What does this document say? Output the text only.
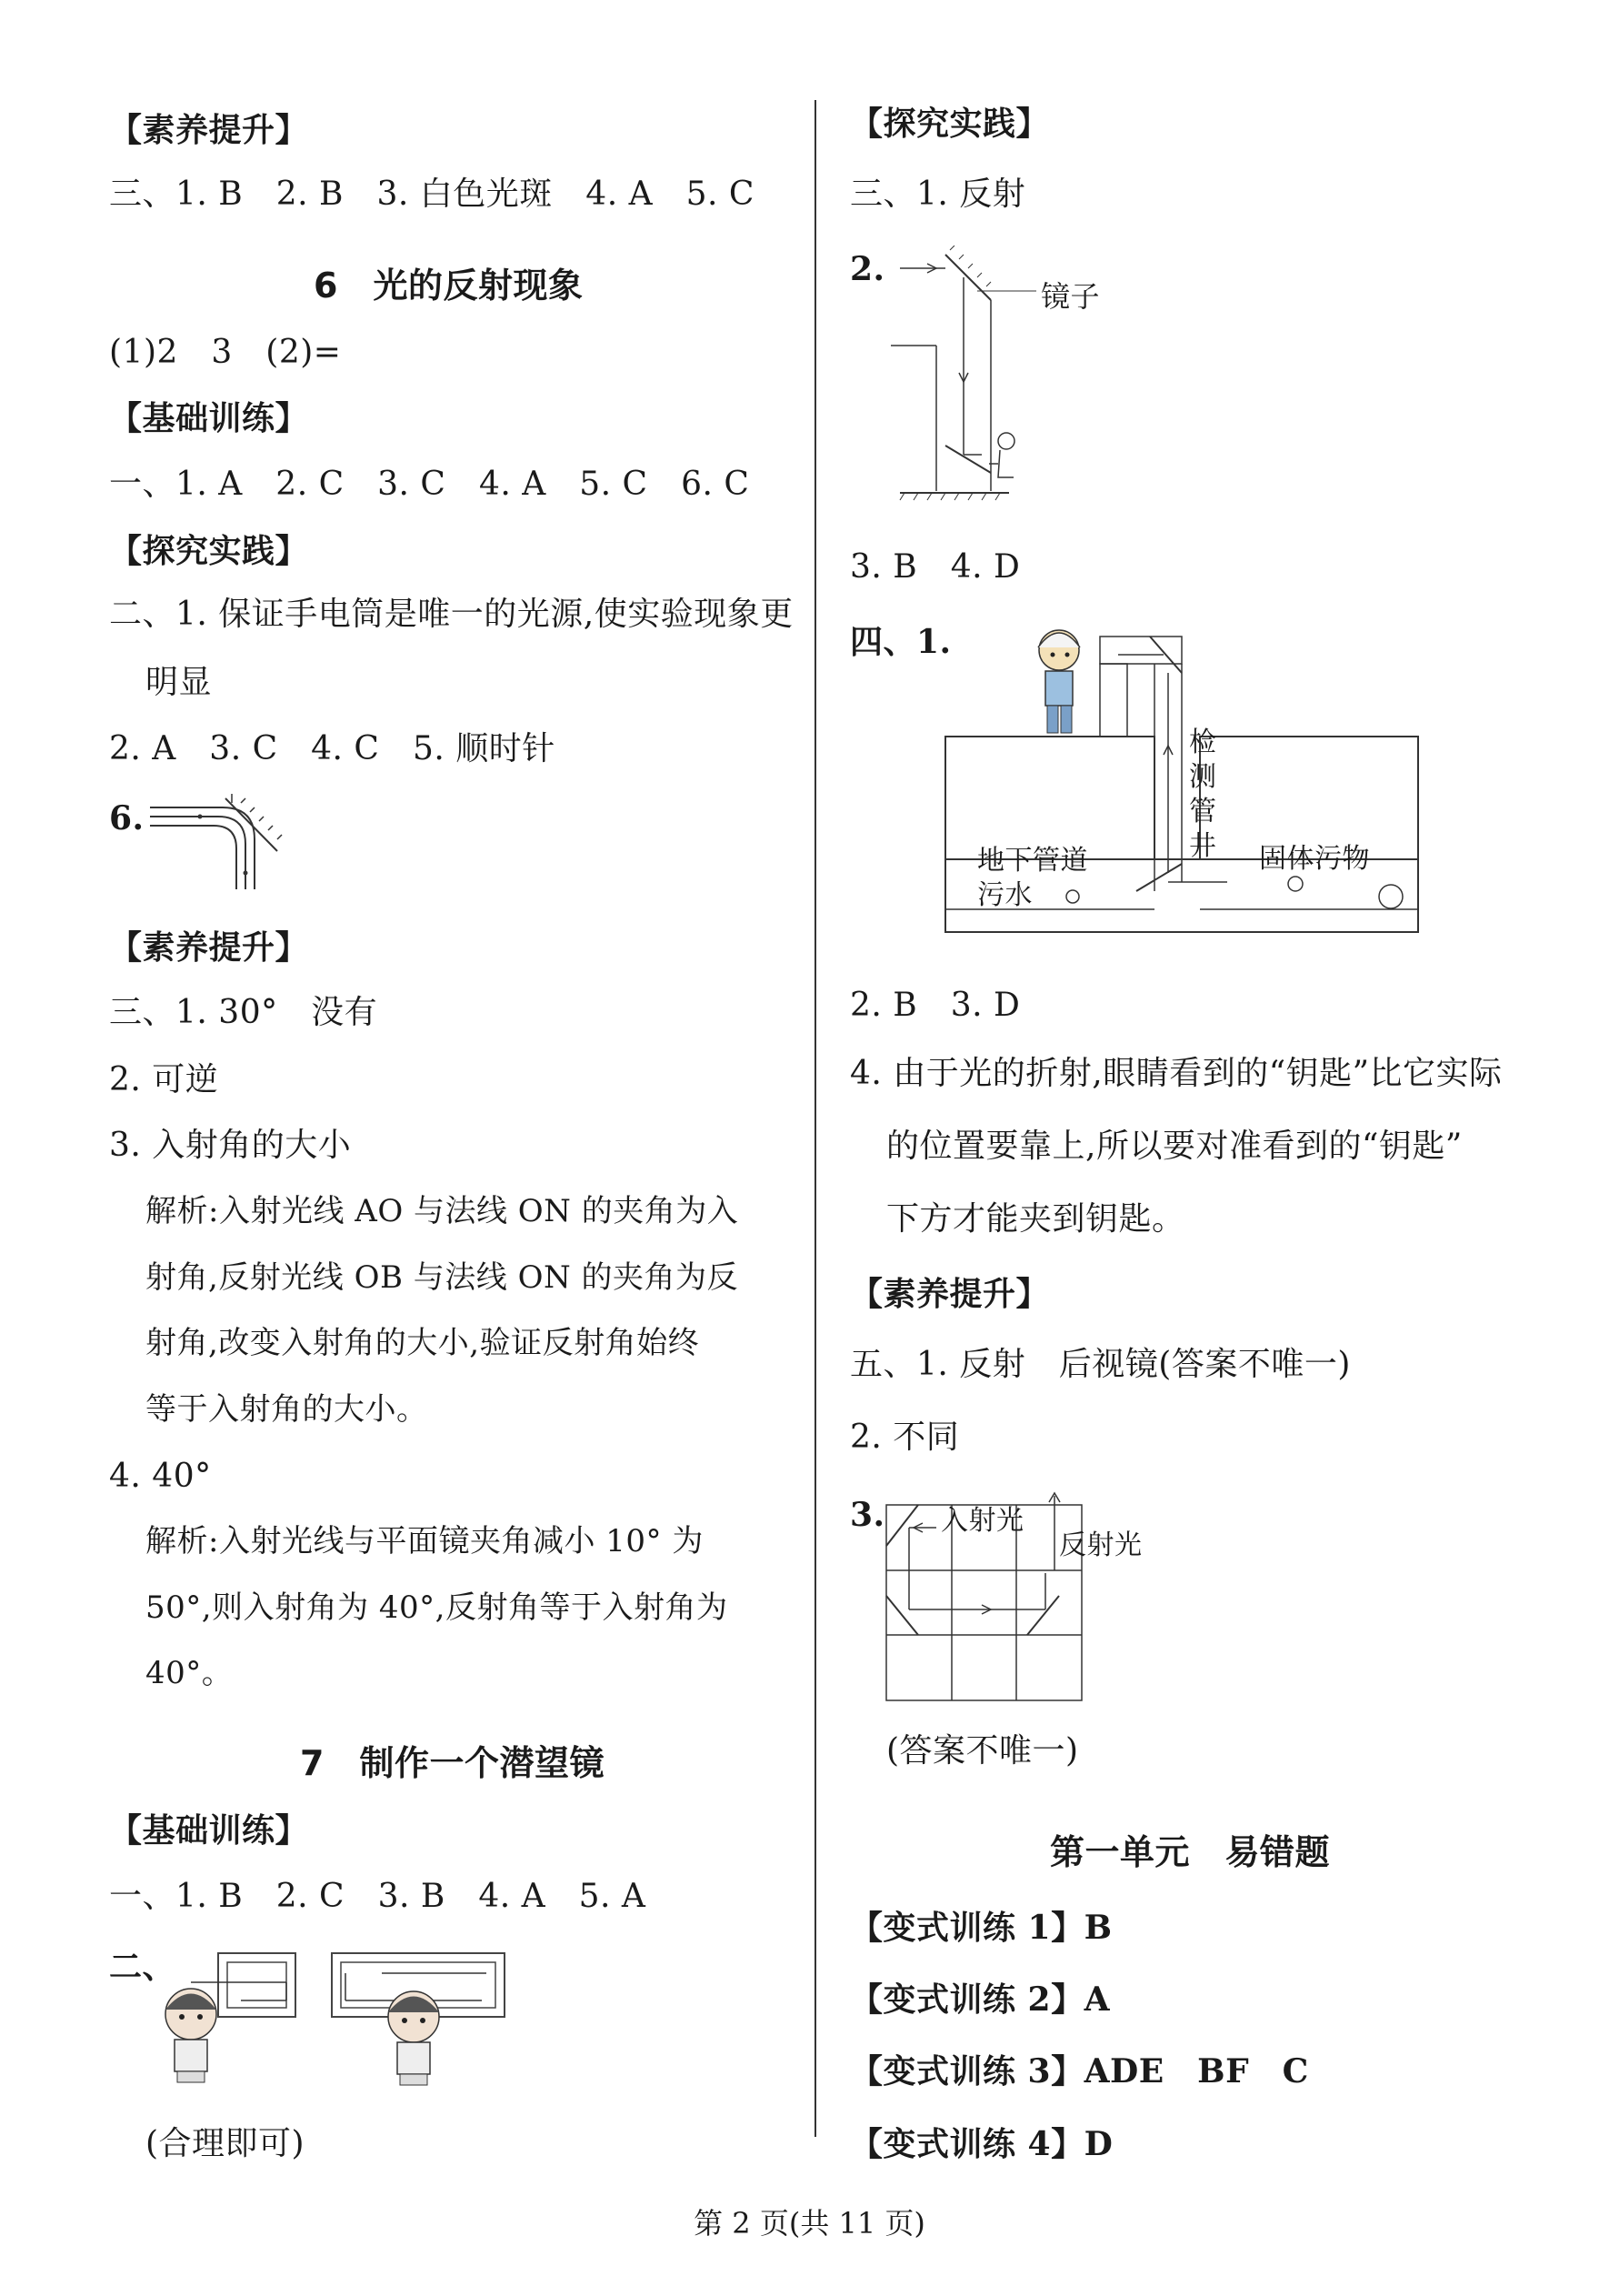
【素养提升】
三、1. B　2. B　3. 白色光斑　4. A　5. C
6　光的反射现象
(1)2　3　(2)=
【基础训练】
一、1. A　2. C　3. C　4. A　5. C　6. C
【探究实践】
二、1. 保证手电筒是唯一的光源,使实验现象更
明显
2. A　3. C　4. C　5. 顺时针
6.
【素养提升】
三、1. 30°　没有
2. 可逆
3. 入射角的大小
解析:入射光线 AO 与法线 ON 的夹角为入
射角,反射光线 OB 与法线 ON 的夹角为反
射角,改变入射角的大小,验证反射角始终
等于入射角的大小。
4. 40°
解析:入射光线与平面镜夹角减小 10° 为
50°,则入射角为 40°,反射角等于入射角为
40°。
7　制作一个潜望镜
【基础训练】
一、1. B　2. C　3. B　4. A　5. A
二、
(合理即可)
【探究实践】
三、1. 反射
2.
镜子
3. B　4. D
四、1.
检
测
管
井
地下管道
污水
固体污物
2. B　3. D
4. 由于光的折射,眼睛看到的“钥匙”比它实际
的位置要靠上,所以要对准看到的“钥匙”
下方才能夹到钥匙。
【素养提升】
五、1. 反射　后视镜(答案不唯一)
2. 不同
3. 入射光
反射光
(答案不唯一)
第一单元　易错题
【变式训练 1】B
【变式训练 2】A
【变式训练 3】ADE　BF　C
【变式训练 4】D
第 2 页(共 11 页)
